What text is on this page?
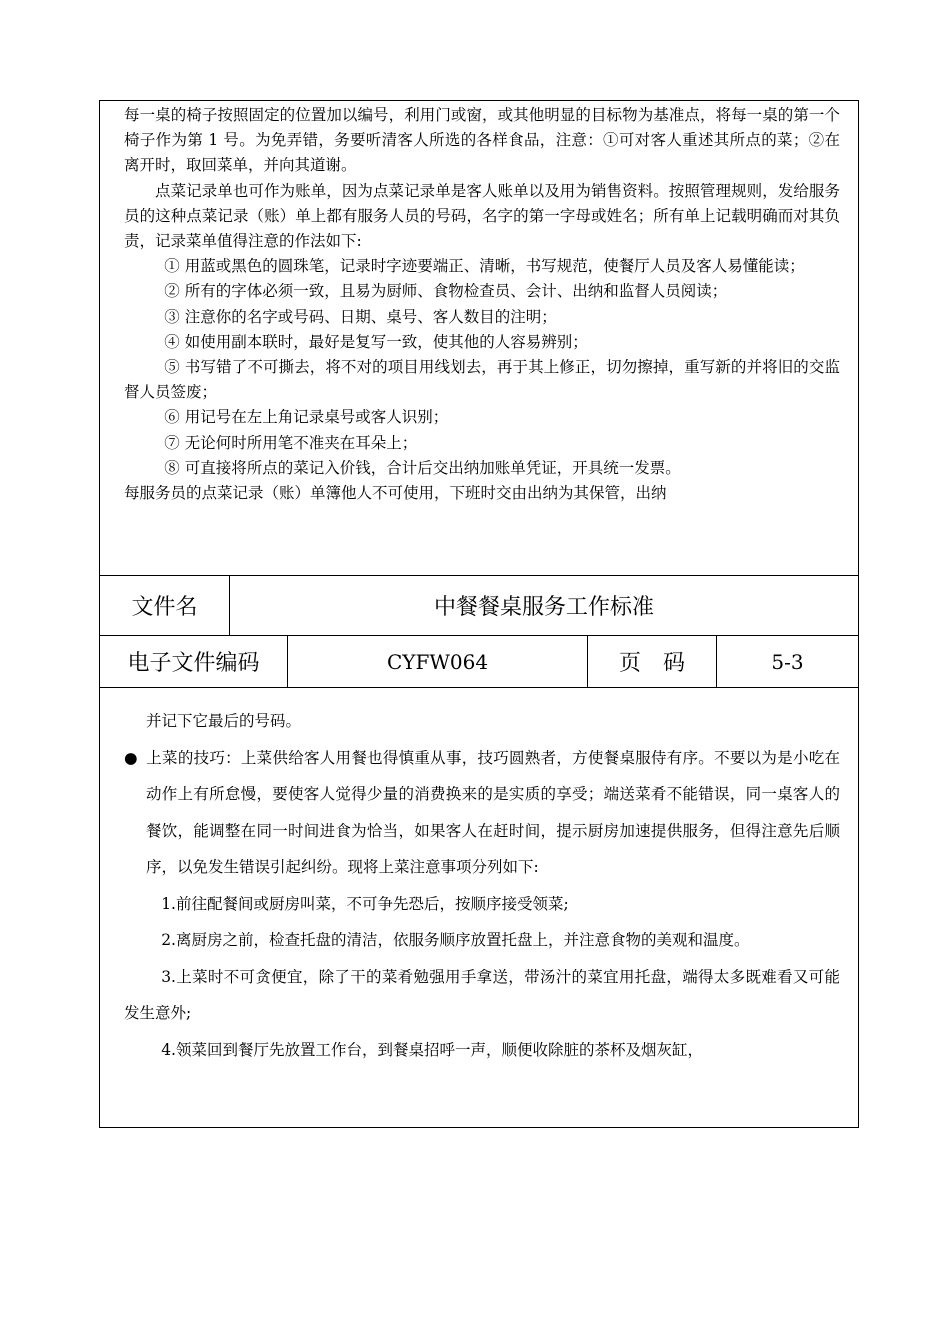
每一桌的椅子按照固定的位置加以编号，利用门或窗，或其他明显的目标物为基准点，将每一桌的第一个椅子作为第 1 号。为免弄错，务要听清客人所选的各样食品，注意：①可对客人重述其所点的菜；②在离开时，取回菜单，并向其道谢。

点菜记录单也可作为账单，因为点菜记录单是客人账单以及用为销售资料。按照管理规则，发给服务员的这种点菜记录（账）单上都有服务人员的号码，名字的第一字母或姓名；所有单上记载明确而对其负责，记录菜单值得注意的作法如下:

① 用蓝或黑色的圆珠笔，记录时字迹要端正、清晰，书写规范，使餐厅人员及客人易懂能读；

② 所有的字体必须一致，且易为厨师、食物检查员、会计、出纳和监督人员阅读；

③ 注意你的名字或号码、日期、桌号、客人数目的注明；

④ 如使用副本联时，最好是复写一致，使其他的人容易辨别；

⑤ 书写错了不可撕去，将不对的项目用线划去，再于其上修正，切勿擦掉，重写新的并将旧的交监督人员签废；

⑥ 用记号在左上角记录桌号或客人识别；

⑦ 无论何时所用笔不准夹在耳朵上；

⑧ 可直接将所点的菜记入价钱，合计后交出纳加账单凭证，开具统一发票。

每服务员的点菜记录（账）单簿他人不可使用，下班时交由出纳为其保管，出纳

文件名	中餐餐桌服务工作标准
电子文件编码	CYFW064	页　码	5-3

并记下它最后的号码。

● 上菜的技巧：上菜供给客人用餐也得慎重从事，技巧圆熟者，方使餐桌服侍有序。不要以为是小吃在动作上有所怠慢，要使客人觉得少量的消费换来的是实质的享受；端送菜肴不能错误，同一桌客人的餐饮，能调整在同一时间进食为恰当，如果客人在赶时间，提示厨房加速提供服务，但得注意先后顺序，以免发生错误引起纠纷。现将上菜注意事项分列如下:

1.前往配餐间或厨房叫菜，不可争先恐后，按顺序接受领菜;

2.离厨房之前，检查托盘的清洁，依服务顺序放置托盘上，并注意食物的美观和温度。

3.上菜时不可贪便宜，除了干的菜肴勉强用手拿送，带汤汁的菜宜用托盘，端得太多既难看又可能发生意外;

4.领菜回到餐厅先放置工作台，到餐桌招呼一声，顺便收除脏的茶杯及烟灰缸，
